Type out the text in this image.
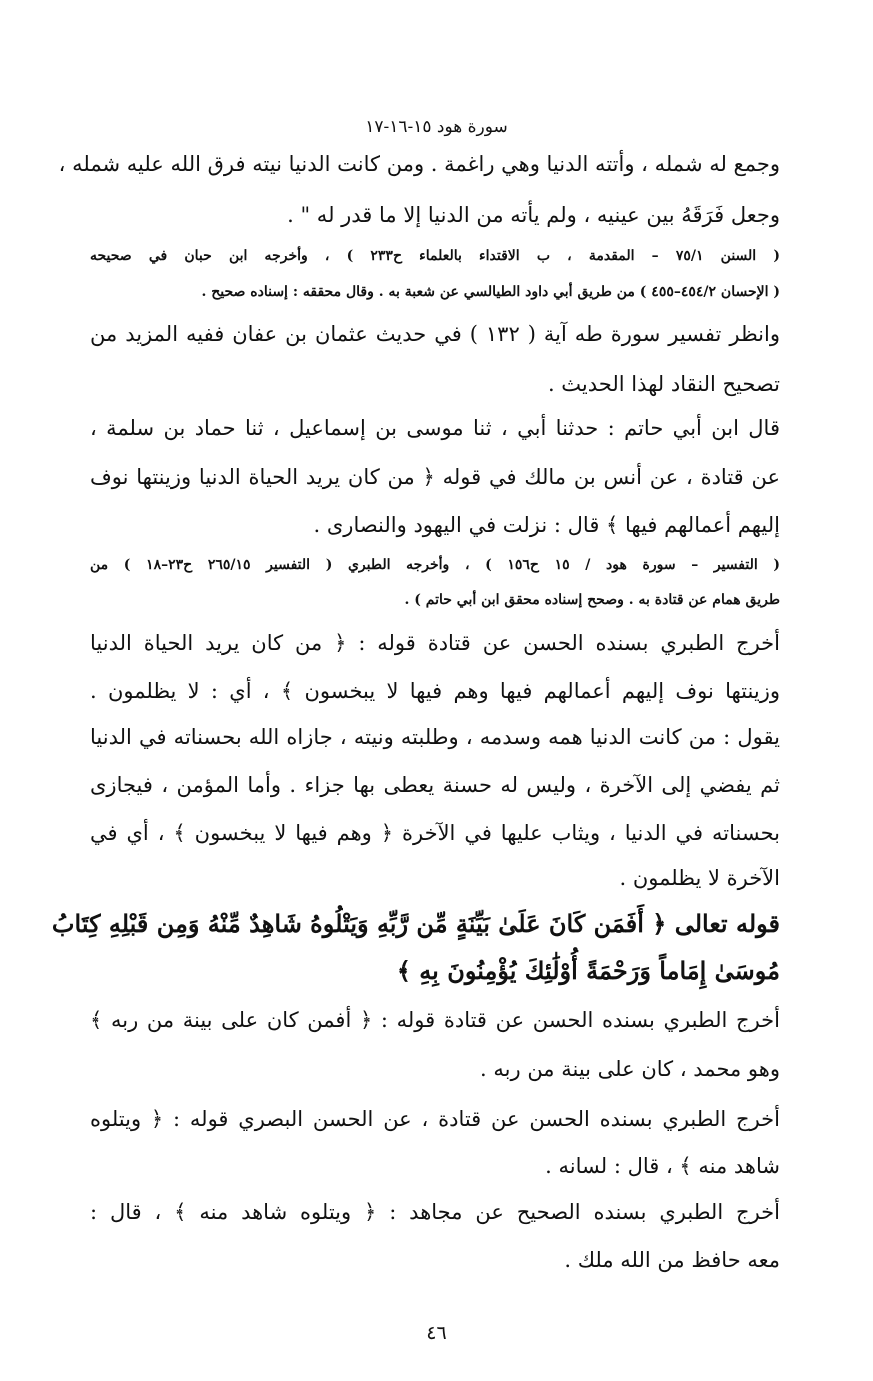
سورة هود ١٥-١٦-١٧
وجمع له شمله ، وأتته الدنيا وهي راغمة . ومن كانت الدنيا نيته فرق الله عليه شمله ،
وجعل فَرَقَهُ بين عينيه ، ولم يأته من الدنيا إلا ما قدر له " .
( السنن ٧٥/١ – المقدمة ، ب الاقتداء بالعلماء ح٢٣٣ ) ، وأخرجه ابن حبان في صحيحه
( الإحسان ٤٥٤/٢–٤٥٥ ) من طريق أبي داود الطيالسي عن شعبة به . وقال محققه : إسناده صحيح .
وانظر تفسير سورة طه آية ( ١٣٢ ) في حديث عثمان بن عفان ففيه المزيد من
تصحيح النقاد لهذا الحديث .
قال ابن أبي حاتم : حدثنا أبي ، ثنا موسى بن إسماعيل ، ثنا حماد بن سلمة ،
عن قتادة ، عن أنس بن مالك في قوله ﴿ من كان يريد الحياة الدنيا وزينتها نوف
إليهم أعمالهم فيها ﴾ قال : نزلت في اليهود والنصارى .
( التفسير – سورة هود / ١٥ ح١٥٦ ) ، وأخرجه الطبري ( التفسير ٢٦٥/١٥ ح٢٣–١٨ ) من
طريق همام عن قتادة به . وصحح إسناده محقق ابن أبي حاتم ) .
أخرج الطبري بسنده الحسن عن قتادة قوله : ﴿ من كان يريد الحياة الدنيا
وزينتها نوف إليهم أعمالهم فيها وهم فيها لا يبخسون ﴾ ، أي : لا يظلمون .
يقول : من كانت الدنيا همه وسدمه ، وطلبته ونيته ، جازاه الله بحسناته في الدنيا
ثم يفضي إلى الآخرة ، وليس له حسنة يعطى بها جزاء . وأما المؤمن ، فيجازى
بحسناته في الدنيا ، ويثاب عليها في الآخرة ﴿ وهم فيها لا يبخسون ﴾ ، أي في
الآخرة لا يظلمون .
قوله تعالى ﴿ أَفَمَن كَانَ عَلَىٰ بَيِّنَةٍ مِّن رَّبِّهِ وَيَتْلُوهُ شَاهِدٌ مِّنْهُ وَمِن قَبْلِهِ كِتَابُ
مُوسَىٰ إِمَاماً وَرَحْمَةً أُوْلَٰئِكَ يُؤْمِنُونَ بِهِ ﴾
أخرج الطبري بسنده الحسن عن قتادة قوله : ﴿ أفمن كان على بينة من ربه ﴾
وهو محمد ، كان على بينة من ربه .
أخرج الطبري بسنده الحسن عن قتادة ، عن الحسن البصري قوله : ﴿ ويتلوه
شاهد منه ﴾ ، قال : لسانه .
أخرج الطبري بسنده الصحيح عن مجاهد : ﴿ ويتلوه شاهد منه ﴾ ، قال :
معه حافظ من الله ملك .
٤٦
